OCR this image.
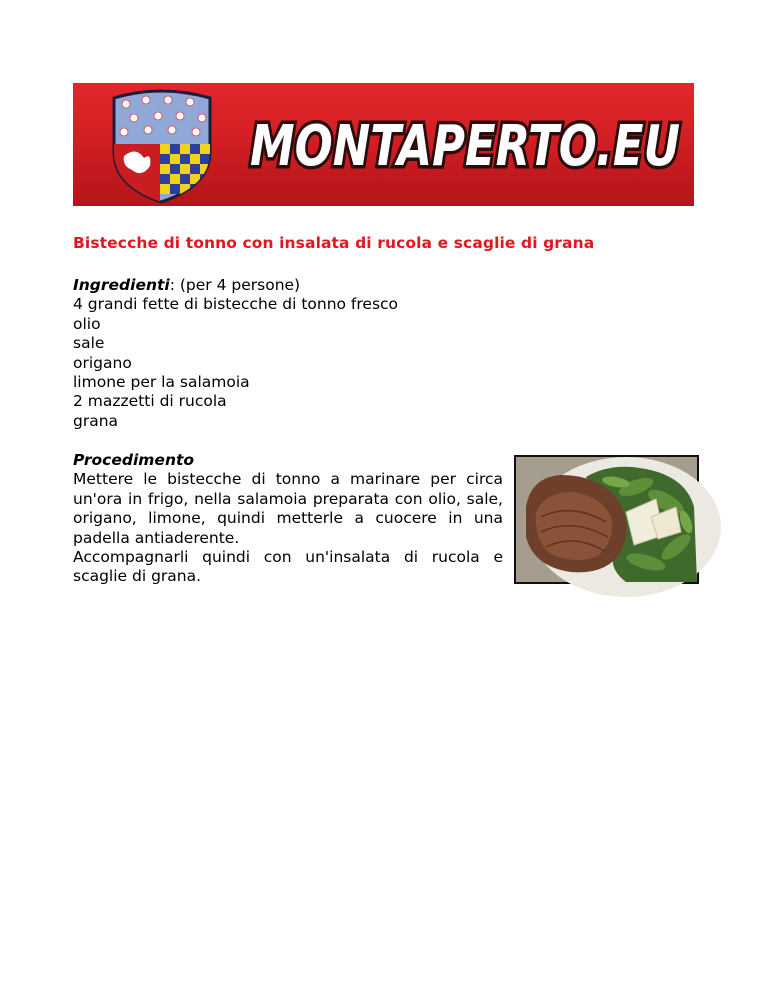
MONTAPERTO.EU
Bistecche di tonno con insalata di rucola e scaglie di grana
Ingredienti: (per 4 persone)
4 grandi fette di bistecche di tonno fresco
olio
sale
origano
limone per la salamoia
2 mazzetti di rucola
grana
Procedimento
Mettere le bistecche di tonno a marinare per circa un'ora in frigo, nella salamoia preparata con olio, sale, origano, limone, quindi metterle a cuocere in una padella antiaderente.
Accompagnarli quindi con un'insalata di rucola e scaglie di grana.
